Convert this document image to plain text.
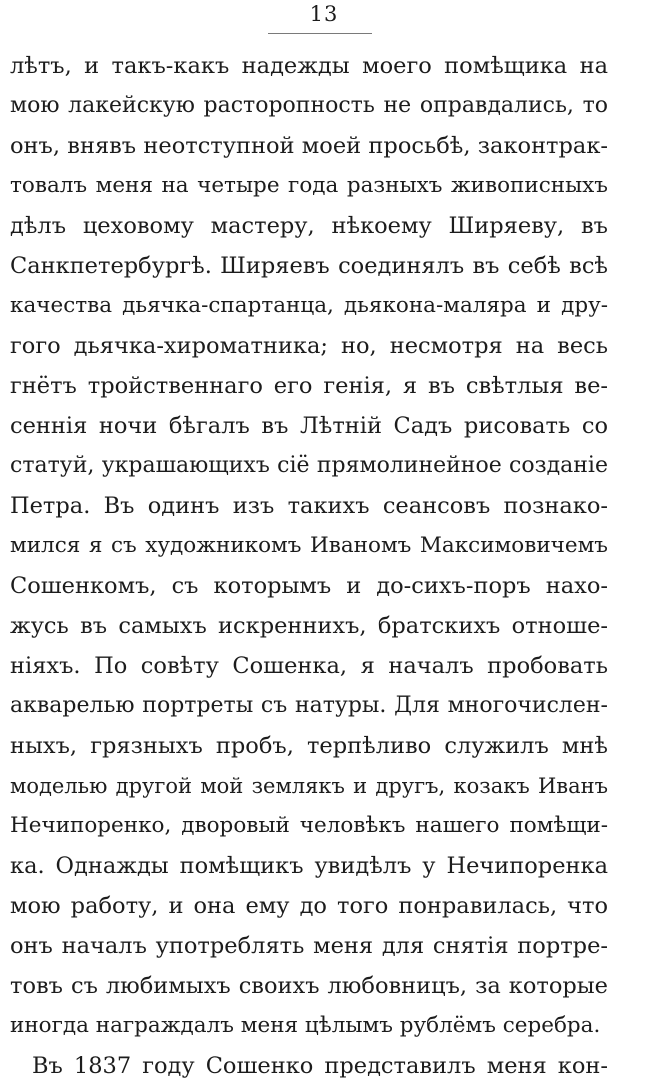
13
лѣтъ, и такъ-какъ надежды моего помѣщика на
мою лакейскую расторопность не оправдались, то
онъ, внявъ неотступной моей просьбѣ, законтрак-
товалъ меня на четыре года разныхъ живописныхъ
дѣлъ цеховому мастеру, нѣкоему Ширяеву, въ
Санкпетербургѣ. Ширяевъ соединялъ въ себѣ всѣ
качества дьячка-спартанца, дьякона-маляра и дру-
гого дьячка-хироматника; но, несмотря на весь
гнётъ тройственнаго его генія, я въ свѣтлыя ве-
сеннія ночи бѣгалъ въ Лѣтній Садъ рисовать со
статуй, украшающихъ сіё прямолинейное созданіе
Петра. Въ одинъ изъ такихъ сеансовъ познако-
мился я съ художникомъ Иваномъ Максимовичемъ
Сошенкомъ, съ которымъ и до-сихъ-поръ нахо-
жусь въ самыхъ искреннихъ, братскихъ отноше-
ніяхъ. По совѣту Сошенка, я началъ пробовать
акварелью портреты съ натуры. Для многочислен-
ныхъ, грязныхъ пробъ, терпѣливо служилъ мнѣ
моделью другой мой землякъ и другъ, козакъ Иванъ
Нечипоренко, дворовый человѣкъ нашего помѣщи-
ка. Однажды помѣщикъ увидѣлъ у Нечипоренка
мою работу, и она ему до того понравилась, что
онъ началъ употреблять меня для снятія портре-
товъ съ любимыхъ своихъ любовницъ, за которые
иногда награждалъ меня цѣлымъ рублёмъ серебра.
Въ 1837 году Сошенко представилъ меня кон-
